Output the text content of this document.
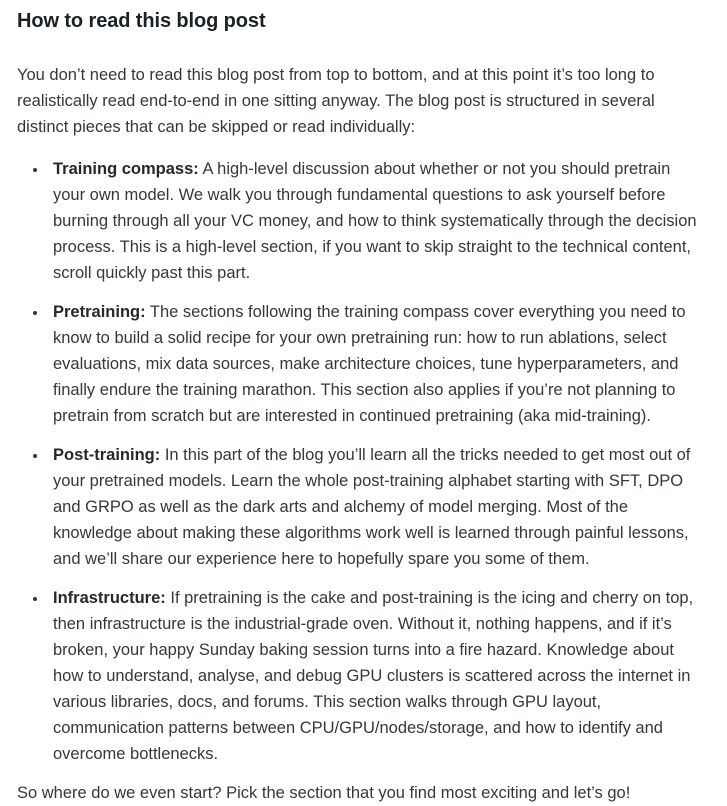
How to read this blog post

You don’t need to read this blog post from top to bottom, and at this point it’s too long to realistically read end-to-end in one sitting anyway. The blog post is structured in several distinct pieces that can be skipped or read individually:

• Training compass: A high-level discussion about whether or not you should pretrain your own model. We walk you through fundamental questions to ask yourself before burning through all your VC money, and how to think systematically through the decision process. This is a high-level section, if you want to skip straight to the technical content, scroll quickly past this part.
• Pretraining: The sections following the training compass cover everything you need to know to build a solid recipe for your own pretraining run: how to run ablations, select evaluations, mix data sources, make architecture choices, tune hyperparameters, and finally endure the training marathon. This section also applies if you’re not planning to pretrain from scratch but are interested in continued pretraining (aka mid-training).
• Post-training: In this part of the blog you’ll learn all the tricks needed to get most out of your pretrained models. Learn the whole post-training alphabet starting with SFT, DPO and GRPO as well as the dark arts and alchemy of model merging. Most of the knowledge about making these algorithms work well is learned through painful lessons, and we’ll share our experience here to hopefully spare you some of them.
• Infrastructure: If pretraining is the cake and post-training is the icing and cherry on top, then infrastructure is the industrial-grade oven. Without it, nothing happens, and if it’s broken, your happy Sunday baking session turns into a fire hazard. Knowledge about how to understand, analyse, and debug GPU clusters is scattered across the internet in various libraries, docs, and forums. This section walks through GPU layout, communication patterns between CPU/GPU/nodes/storage, and how to identify and overcome bottlenecks.

So where do we even start? Pick the section that you find most exciting and let’s go!
